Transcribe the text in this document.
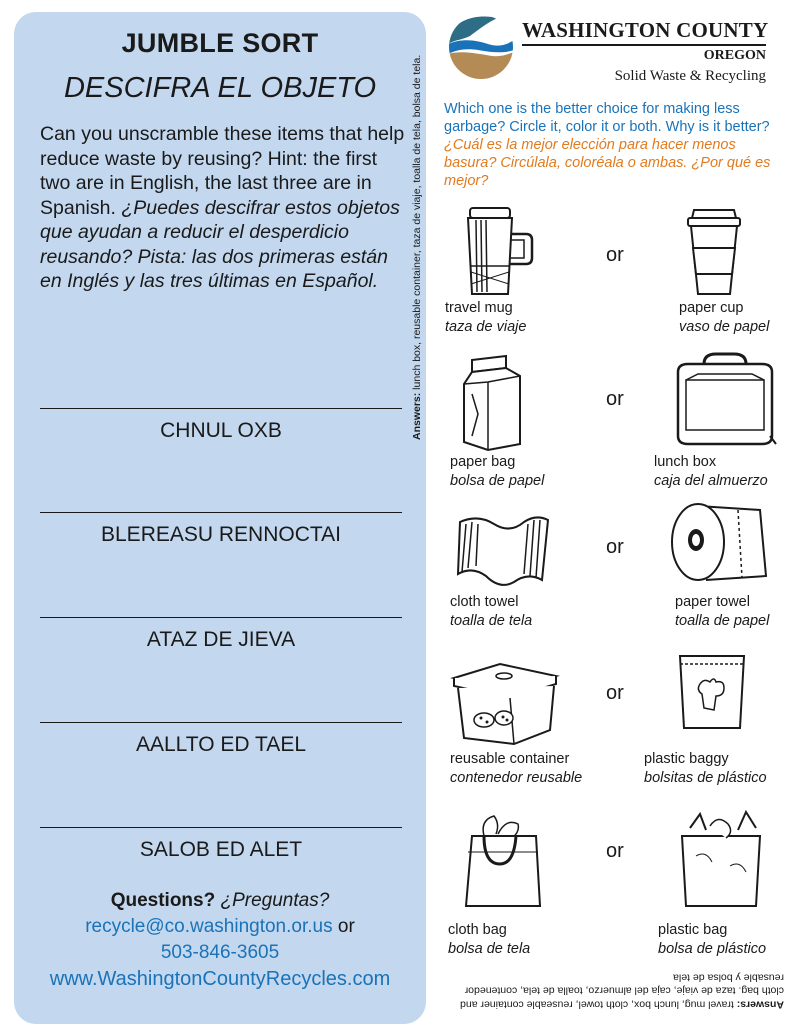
JUMBLE SORT
DESCIFRA EL OBJETO
Can you unscramble these items that help reduce waste by reusing? Hint: the first two are in English, the last three are in Spanish. ¿Puedes descifrar estos objetos que ayudan a reducir el desperdicio reusando? Pista: las dos primeras están en Inglés y las tres últimas en Español.
CHNUL OXB
BLEREASU RENNOCTAI
ATAZ DE JIEVA
AALLTO ED TAEL
SALOB ED ALET
Questions? ¿Preguntas?
recycle@co.washington.or.us or
503-846-3605
www.WashingtonCountyRecycles.com
Answers: lunch box, reusable container, taza de viaje, toalla de tela, bolsa de tela.
WASHINGTON COUNTY
OREGON
Solid Waste & Recycling
Which one is the better choice for making less garbage? Circle it, color it or both. Why is it better? ¿Cuál es la mejor elección para hacer menos basura? Circúlala, coloréala o ambas. ¿Por qué es mejor?
travel mug
taza de viaje
or
paper cup
vaso de papel
paper bag
bolsa de papel
or
lunch box
caja del almuerzo
cloth towel
toalla de tela
or
paper towel
toalla de papel
reusable container
contenedor reusable
or
plastic baggy
bolsitas de plástico
cloth bag
bolsa de tela
or
plastic bag
bolsa de plástico
Answers: travel mug, lunch box, cloth towel, reuseable container and cloth bag. taza de viaje, caja del almuerzo, toalla de tela, contenedor reusable y bolsa de tela
